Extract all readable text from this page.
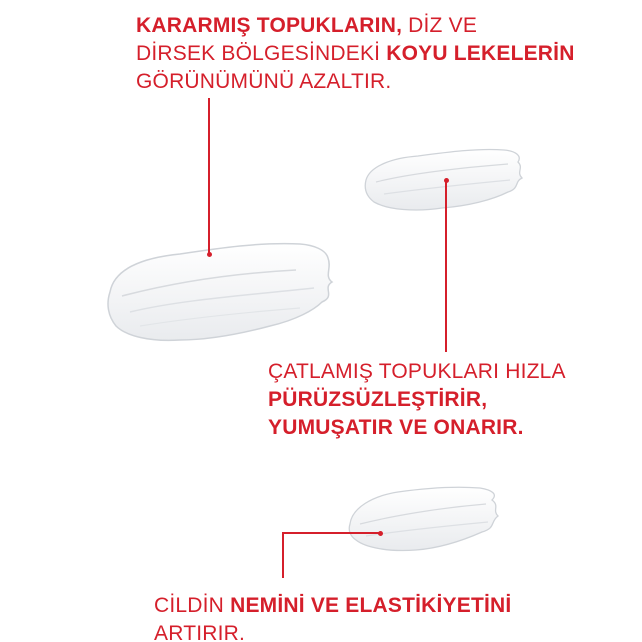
KARARMIŞ TOPUKLARIN, DİZ VE
DİRSEK BÖLGESİNDEKİ KOYU LEKELERİN
GÖRÜNÜMÜNÜ AZALTIR.
ÇATLAMIŞ TOPUKLARI HIZLA
PÜRÜZSÜZLEŞTİRİR,
YUMUŞATIR VE ONARIR.
CİLDİN NEMİNİ VE ELASTİKİYETİNİ
ARTIRIR.
